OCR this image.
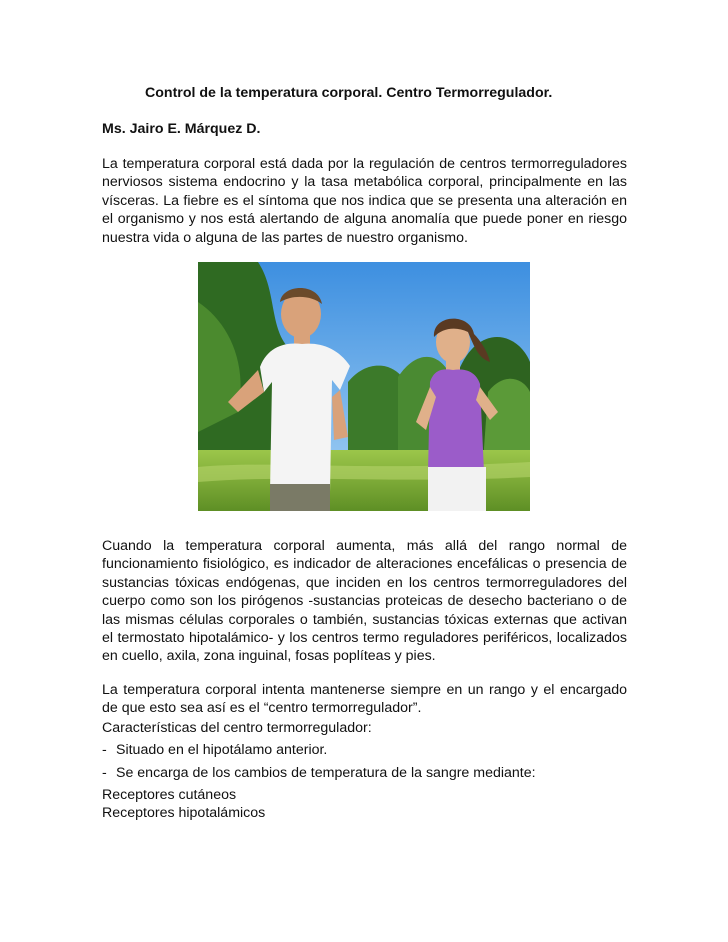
Control de la temperatura corporal. Centro Termorregulador.
Ms. Jairo E. Márquez D.
La temperatura corporal está dada por la regulación de centros termorreguladores nerviosos sistema endocrino y la tasa metabólica corporal, principalmente en las vísceras. La fiebre es el síntoma que nos indica que se presenta una alteración en el organismo y nos está alertando de alguna anomalía que puede poner en riesgo nuestra vida o alguna de las partes de nuestro organismo.
Cuando la temperatura corporal aumenta, más allá del rango normal de funcionamiento fisiológico, es indicador de alteraciones encefálicas o presencia de sustancias tóxicas endógenas, que inciden en los centros termorreguladores del cuerpo como son los pirógenos -sustancias proteicas de desecho bacteriano o de las mismas células corporales o también, sustancias tóxicas externas que activan el termostato hipotalámico- y los centros termo reguladores periféricos, localizados en cuello, axila, zona inguinal, fosas poplíteas y pies.
La temperatura corporal intenta mantenerse siempre en un rango y el encargado de que esto sea así es el “centro termorregulador”.
Características del centro termorregulador:
- Situado en el hipotálamo anterior.
- Se encarga de los cambios de temperatura de la sangre mediante:
Receptores cutáneos
Receptores hipotalámicos
